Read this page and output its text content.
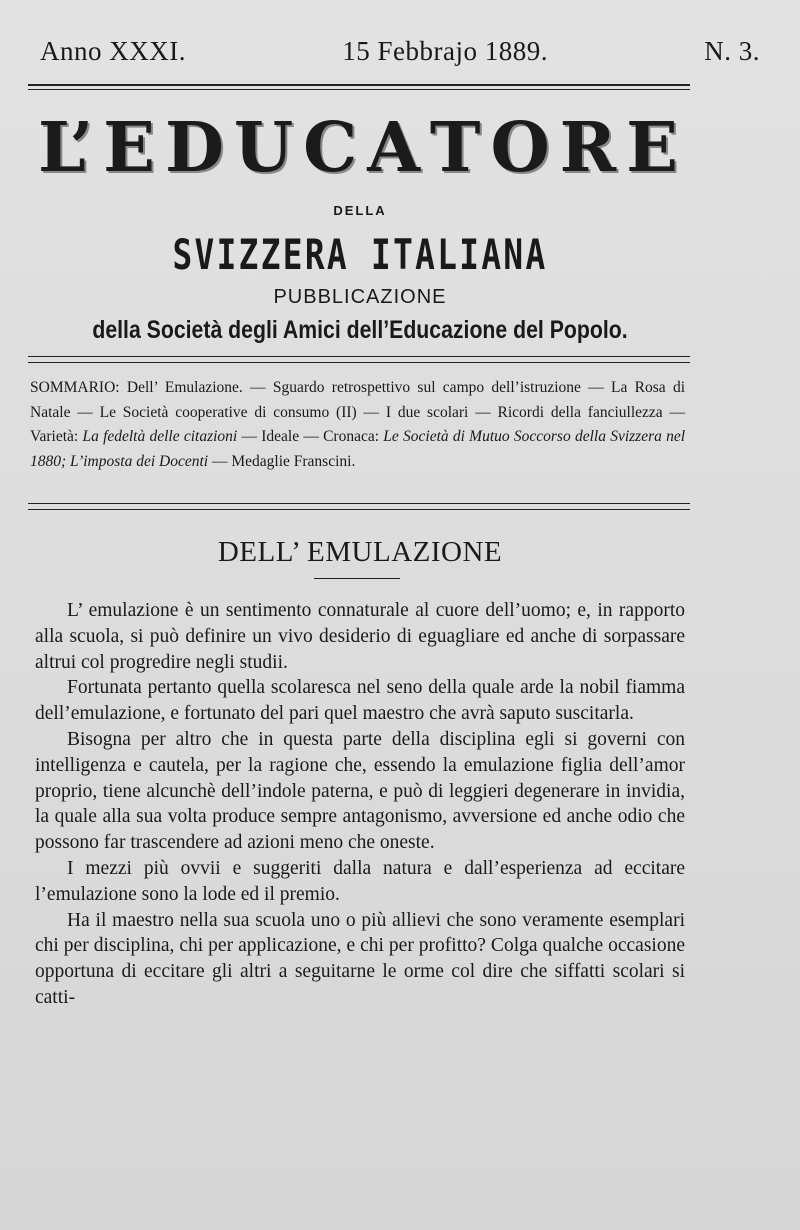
Anno XXXI.	15 Febbrajo 1889.	N. 3.
L’ E D U C A T O R E
DELLA
SVIZZERA ITALIANA
PUBBLICAZIONE
della Società degli Amici dell’Educazione del Popolo.
SOMMARIO: Dell’ Emulazione. — Sguardo retrospettivo sul campo dell’istruzione — La Rosa di Natale — Le Società cooperative di consumo (II) — I due scolari — Ricordi della fanciullezza — Varietà: La fedeltà delle citazioni — Ideale — Cronaca: Le Società di Mutuo Soccorso della Svizzera nel 1880; L’imposta dei Docenti — Medaglie Franscini.
DELL’ EMULAZIONE

L’ emulazione è un sentimento connaturale al cuore dell’uomo; e, in rapporto alla scuola, si può definire un vivo desiderio di eguagliare ed anche di sorpassare altrui col progredire negli studii.

Fortunata pertanto quella scolaresca nel seno della quale arde la nobil fiamma dell’emulazione, e fortunato del pari quel maestro che avrà saputo suscitarla.

Bisogna per altro che in questa parte della disciplina egli si governi con intelligenza e cautela, per la ragione che, essendo la emulazione figlia dell’amor proprio, tiene alcunchè dell’indole paterna, e può di leggieri degenerare in invidia, la quale alla sua volta produce sempre antagonismo, avversione ed anche odio che possono far trascendere ad azioni meno che oneste.

I mezzi più ovvii e suggeriti dalla natura e dall’esperienza ad eccitare l’emulazione sono la lode ed il premio.

Ha il maestro nella sua scuola uno o più allievi che sono veramente esemplari chi per disciplina, chi per applicazione, e chi per profitto? Colga qualche occasione opportuna di eccitare gli altri a seguitarne le orme col dire che siffatti scolari si catti-
